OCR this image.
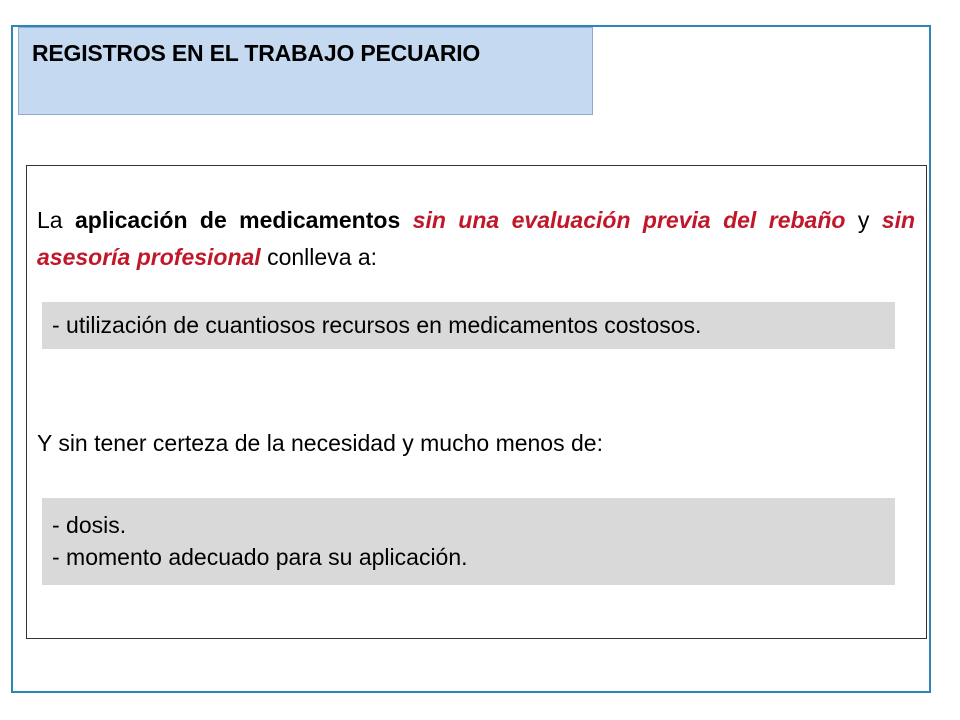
REGISTROS EN EL TRABAJO PECUARIO

La aplicación de medicamentos sin una evaluación previa del rebaño y sin asesoría profesional conlleva a:

- utilización de cuantiosos recursos en medicamentos costosos.

Y sin tener certeza de la necesidad y mucho menos de:

- dosis.
- momento adecuado para su aplicación.
